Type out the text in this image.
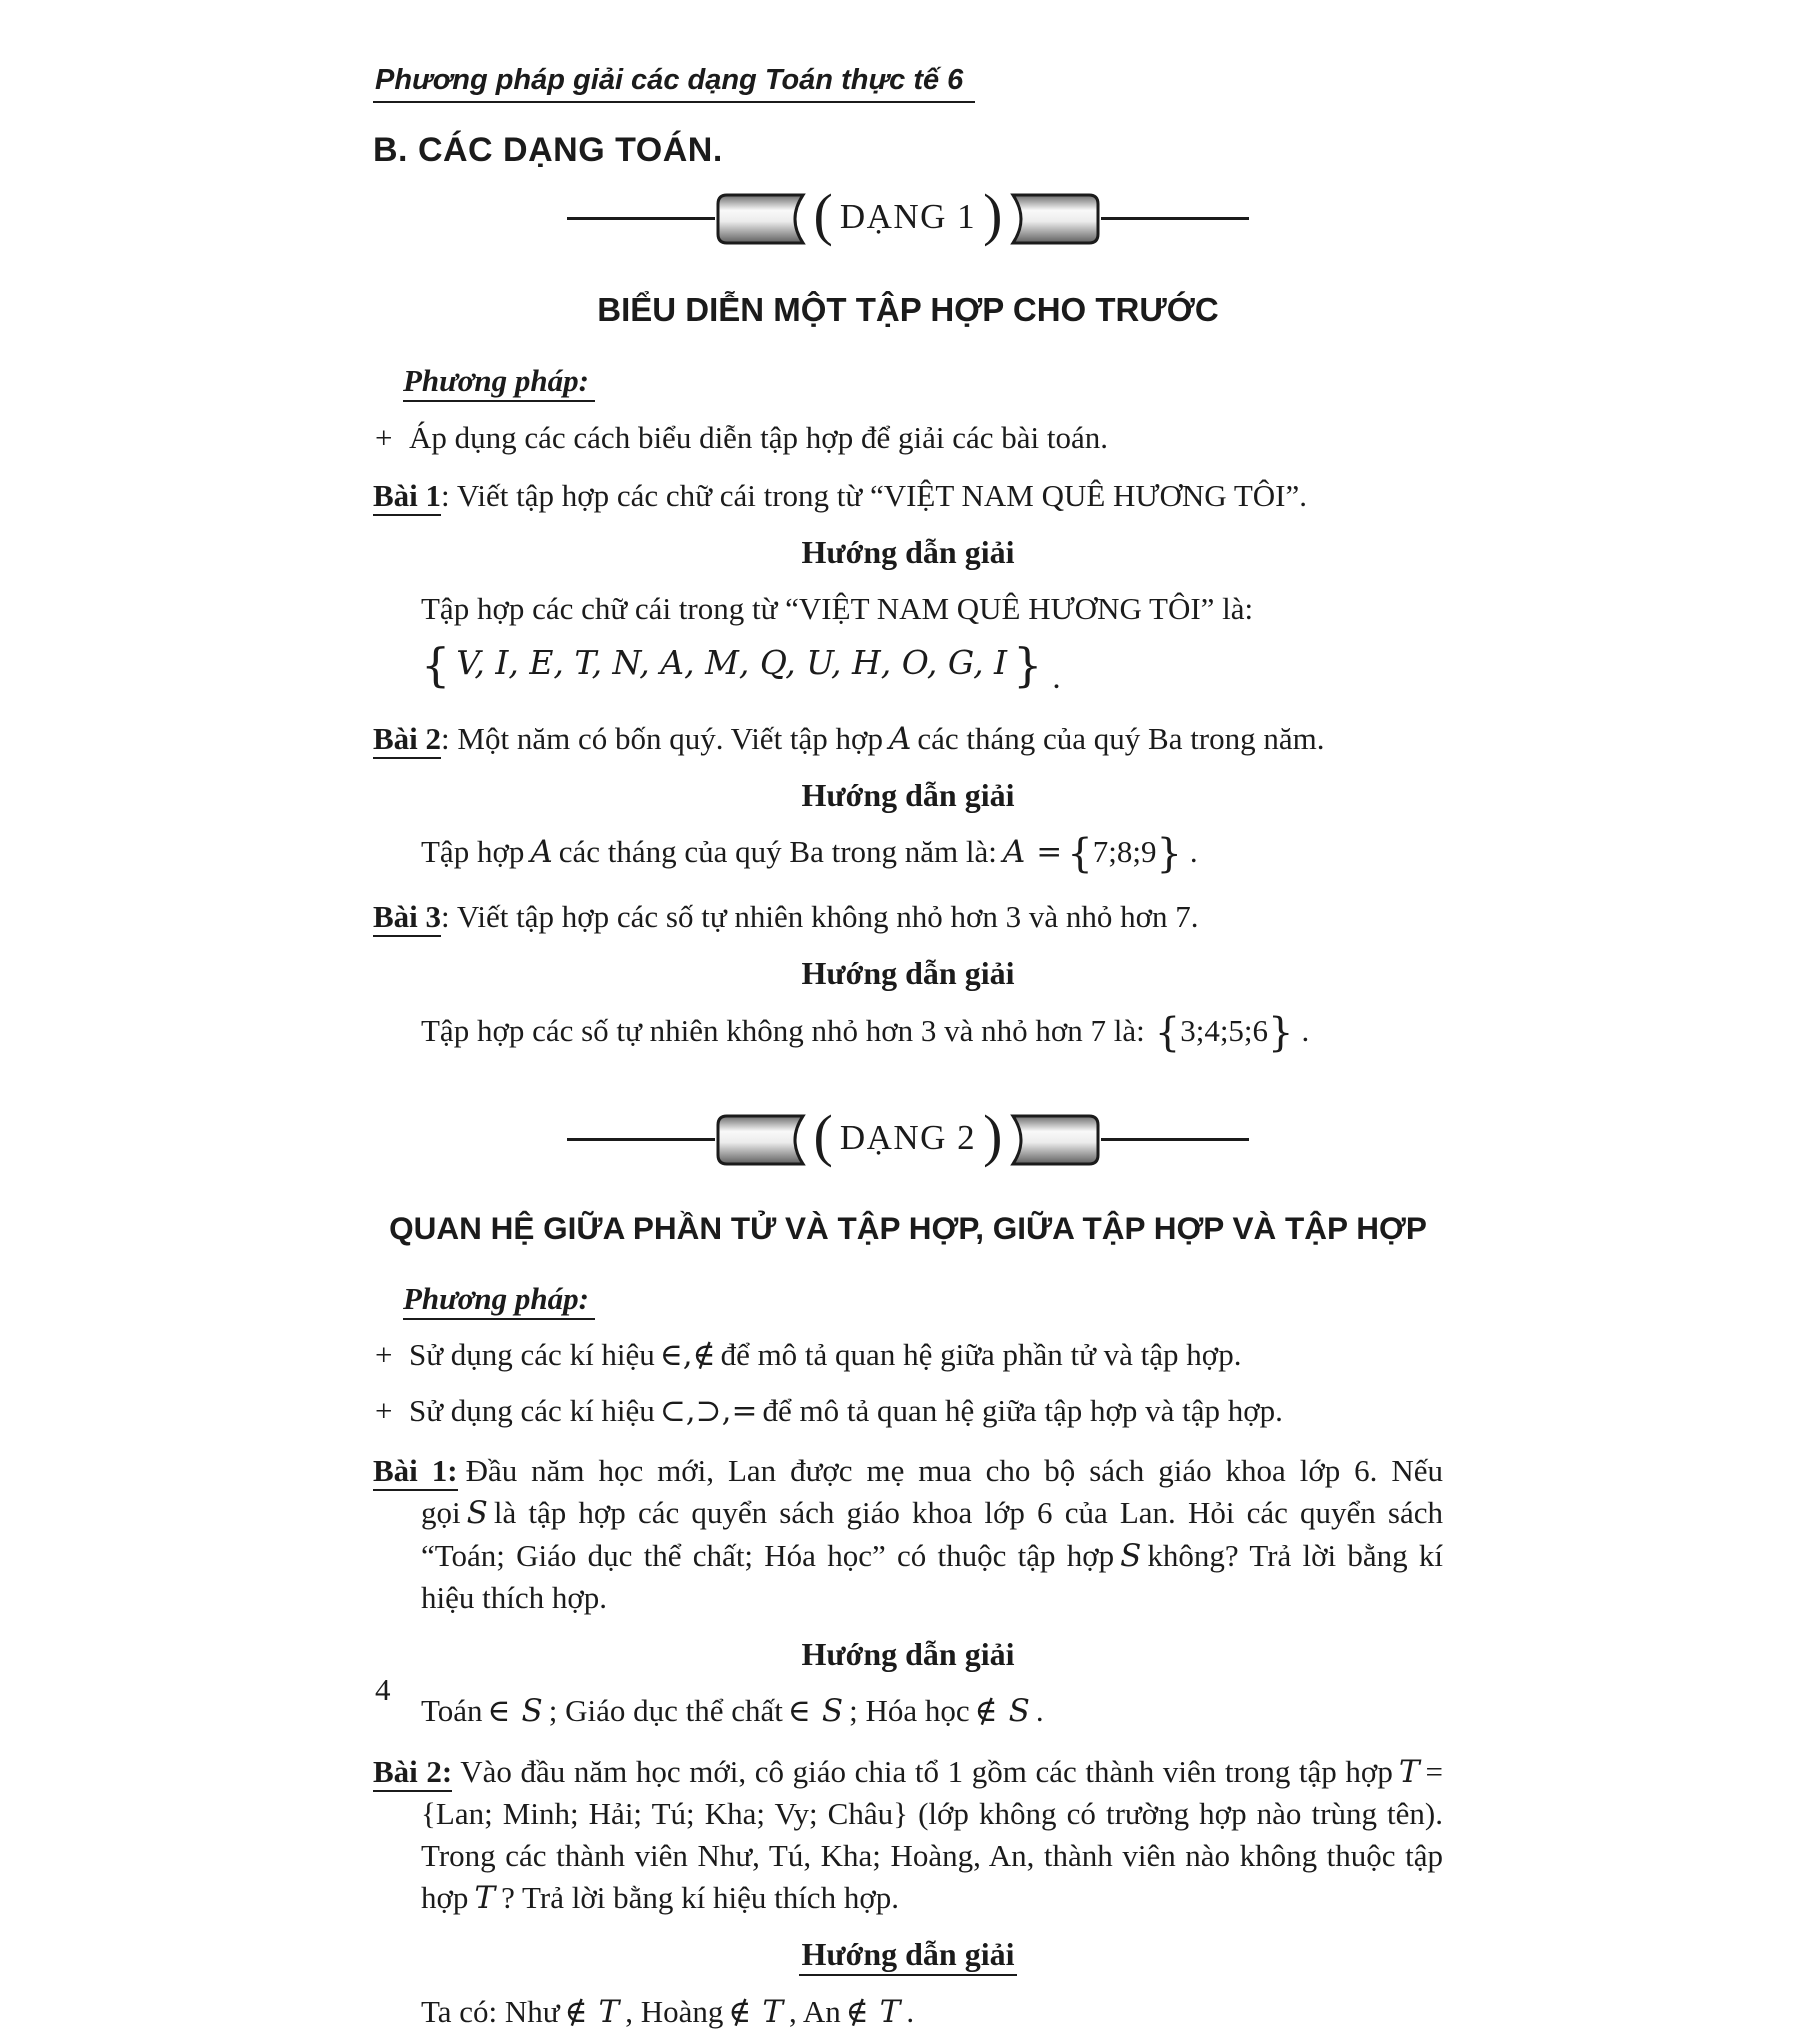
Phương pháp giải các dạng Toán thực tế 6
B. CÁC DẠNG TOÁN.
( DẠNG 1 )
BIỂU DIỄN MỘT TẬP HỢP CHO TRƯỚC

Phương pháp:

+ Áp dụng các cách biểu diễn tập hợp để giải các bài toán.

Bài 1: Viết tập hợp các chữ cái trong từ “VIỆT NAM QUÊ HƯƠNG TÔI”.

Hướng dẫn giải

Tập hợp các chữ cái trong từ “VIỆT NAM QUÊ HƯƠNG TÔI” là:

{ V, I, E, T, N, A, M, Q, U, H, O, G, I } .

Bài 2: Một năm có bốn quý. Viết tập hợp A các tháng của quý Ba trong năm.

Hướng dẫn giải

Tập hợp A các tháng của quý Ba trong năm là: A = {7;8;9} .

Bài 3: Viết tập hợp các số tự nhiên không nhỏ hơn 3 và nhỏ hơn 7.

Hướng dẫn giải

Tập hợp các số tự nhiên không nhỏ hơn 3 và nhỏ hơn 7 là: {3;4;5;6} .

( DẠNG 2 )
QUAN HỆ GIỮA PHẦN TỬ VÀ TẬP HỢP, GIỮA TẬP HỢP VÀ TẬP HỢP

Phương pháp:

+ Sử dụng các kí hiệu ∈,∉ để mô tả quan hệ giữa phần tử và tập hợp.

+ Sử dụng các kí hiệu ⊂,⊃,= để mô tả quan hệ giữa tập hợp và tập hợp.

Bài 1: Đầu năm học mới, Lan được mẹ mua cho bộ sách giáo khoa lớp 6. Nếu gọi S là tập hợp các quyển sách giáo khoa lớp 6 của Lan. Hỏi các quyển sách “Toán; Giáo dục thể chất; Hóa học” có thuộc tập hợp S không? Trả lời bằng kí hiệu thích hợp.

Hướng dẫn giải

Toán ∈ S ; Giáo dục thể chất ∈ S ; Hóa học ∉ S .

Bài 2: Vào đầu năm học mới, cô giáo chia tổ 1 gồm các thành viên trong tập hợp T = {Lan; Minh; Hải; Tú; Kha; Vy; Châu} (lớp không có trường hợp nào trùng tên). Trong các thành viên Như, Tú, Kha; Hoàng, An, thành viên nào không thuộc tập hợp T ? Trả lời bằng kí hiệu thích hợp.

Hướng dẫn giải

Ta có: Như ∉ T , Hoàng ∉ T , An ∉ T .

4
